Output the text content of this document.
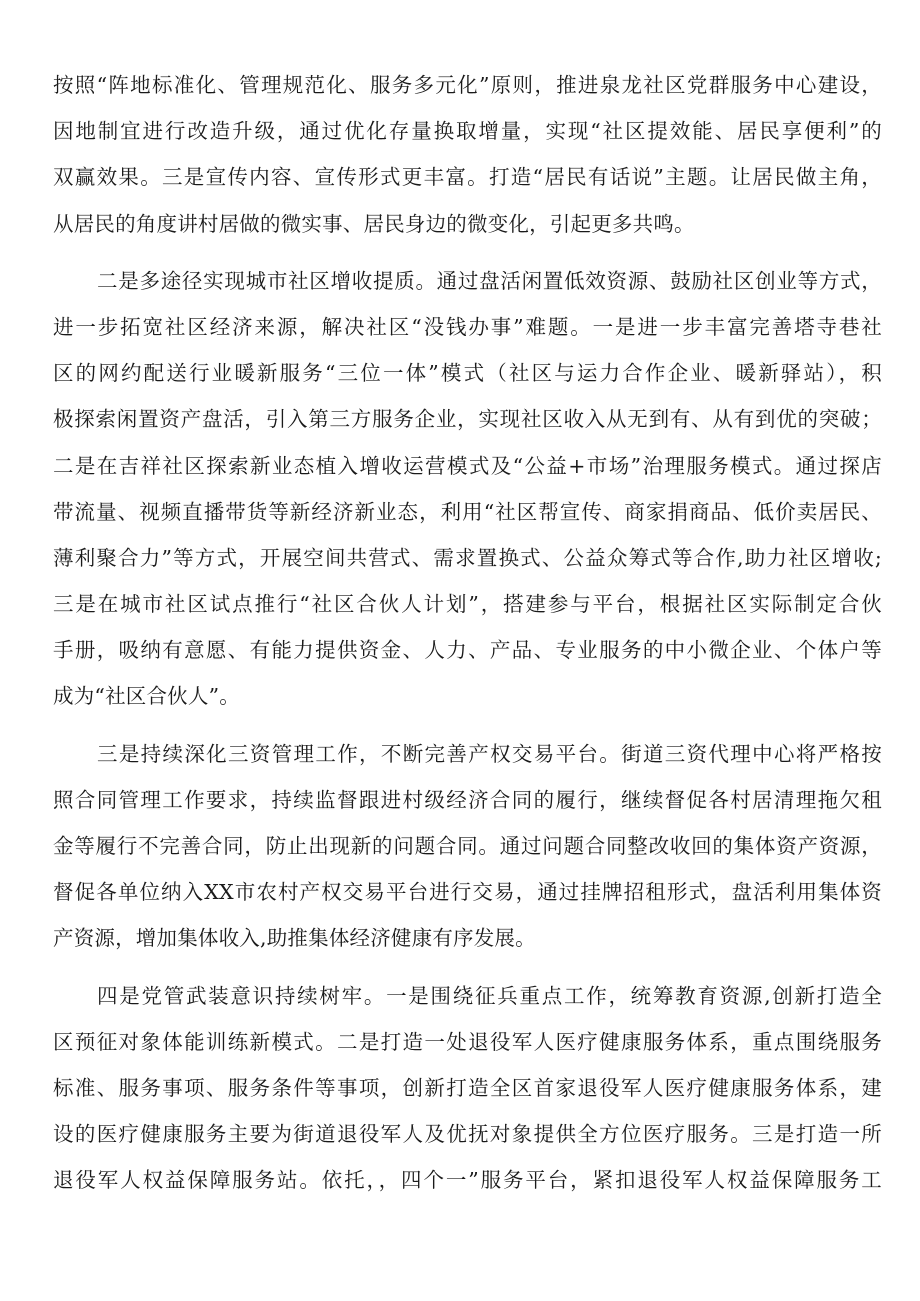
按照“阵地标准化、管理规范化、服务多元化”原则，推进泉龙社区党群服务中心建设，
因地制宜进行改造升级，通过优化存量换取增量，实现“社区提效能、居民享便利”的
双赢效果。三是宣传内容、宣传形式更丰富。打造“居民有话说”主题。让居民做主角，
从居民的角度讲村居做的微实事、居民身边的微变化，引起更多共鸣。
二是多途径实现城市社区增收提质。通过盘活闲置低效资源、鼓励社区创业等方式，
进一步拓宽社区经济来源，解决社区“没钱办事”难题。一是进一步丰富完善塔寺巷社
区的网约配送行业暖新服务“三位一体”模式（社区与运力合作企业、暖新驿站），积
极探索闲置资产盘活，引入第三方服务企业，实现社区收入从无到有、从有到优的突破；
二是在吉祥社区探索新业态植入增收运营模式及“公益+市场”治理服务模式。通过探店
带流量、视频直播带货等新经济新业态，利用“社区帮宣传、商家捐商品、低价卖居民、
薄利聚合力”等方式，开展空间共营式、需求置换式、公益众筹式等合作,助力社区增收;
三是在城市社区试点推行“社区合伙人计划”，搭建参与平台，根据社区实际制定合伙
手册，吸纳有意愿、有能力提供资金、人力、产品、专业服务的中小微企业、个体户等
成为“社区合伙人”。
三是持续深化三资管理工作，不断完善产权交易平台。街道三资代理中心将严格按
照合同管理工作要求，持续监督跟进村级经济合同的履行，继续督促各村居清理拖欠租
金等履行不完善合同，防止出现新的问题合同。通过问题合同整改收回的集体资产资源，
督促各单位纳入XX市农村产权交易平台进行交易，通过挂牌招租形式，盘活利用集体资
产资源，增加集体收入,助推集体经济健康有序发展。
四是党管武装意识持续树牢。一是围绕征兵重点工作，统筹教育资源,创新打造全
区预征对象体能训练新模式。二是打造一处退役军人医疗健康服务体系，重点围绕服务
标准、服务事项、服务条件等事项，创新打造全区首家退役军人医疗健康服务体系，建
设的医疗健康服务主要为街道退役军人及优抚对象提供全方位医疗服务。三是打造一所
退役军人权益保障服务站。依托，，四个一”服务平台，紧扣退役军人权益保障服务工
